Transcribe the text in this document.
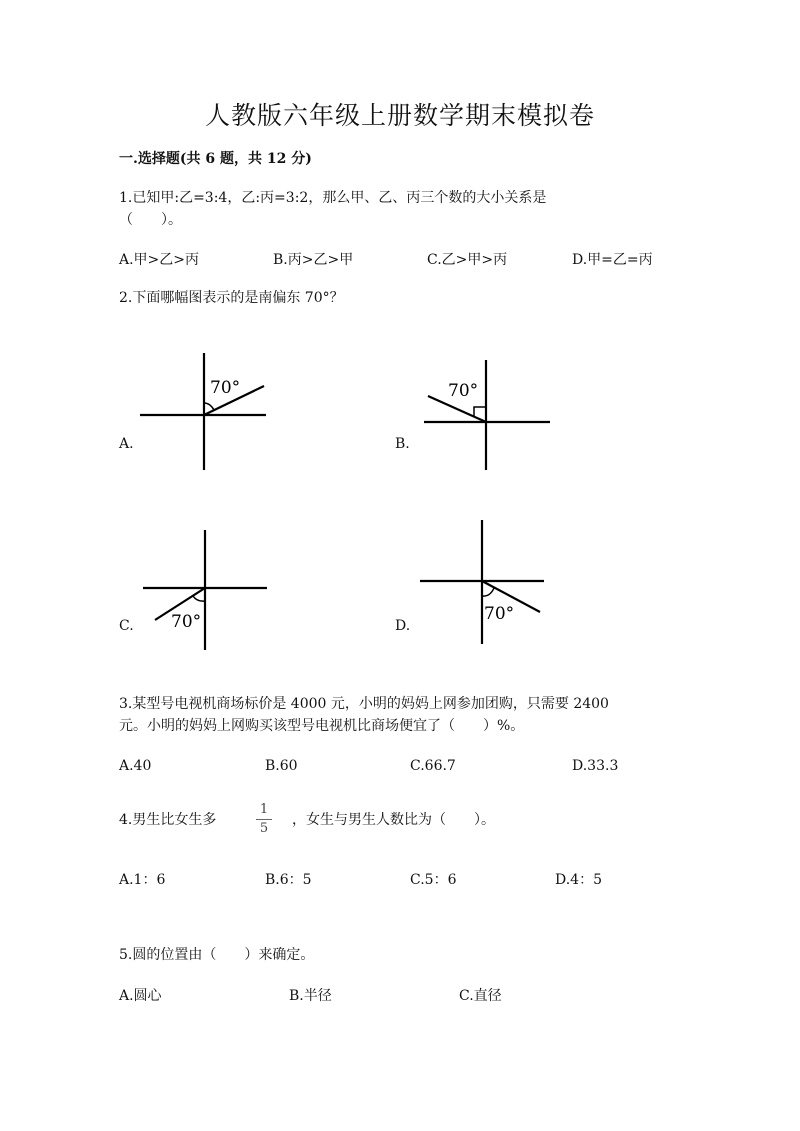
人教版六年级上册数学期末模拟卷
一.选择题(共 6 题，共 12 分)
1.已知甲:乙=3:4，乙:丙=3:2，那么甲、乙、丙三个数的大小关系是
（　　）。
A.甲>乙>丙	B.丙>乙>甲	C.乙>甲>丙	D.甲=乙=丙
2.下面哪幅图表示的是南偏东 70°？
70°
A.
70°
B.
70°
C.
70°
D.
3.某型号电视机商场标价是 4000 元，小明的妈妈上网参加团购，只需要 2400
元。小明的妈妈上网购买该型号电视机比商场便宜了（　　）%。
A.40	B.60	C.66.7	D.33.3
4.男生比女生多	$\frac{1}{5}$ ，女生与男生人数比为（　　）。
A.1：6	B.6：5	C.5：6	D.4：5
5.圆的位置由（　　）来确定。
A.圆心	B.半径	C.直径
